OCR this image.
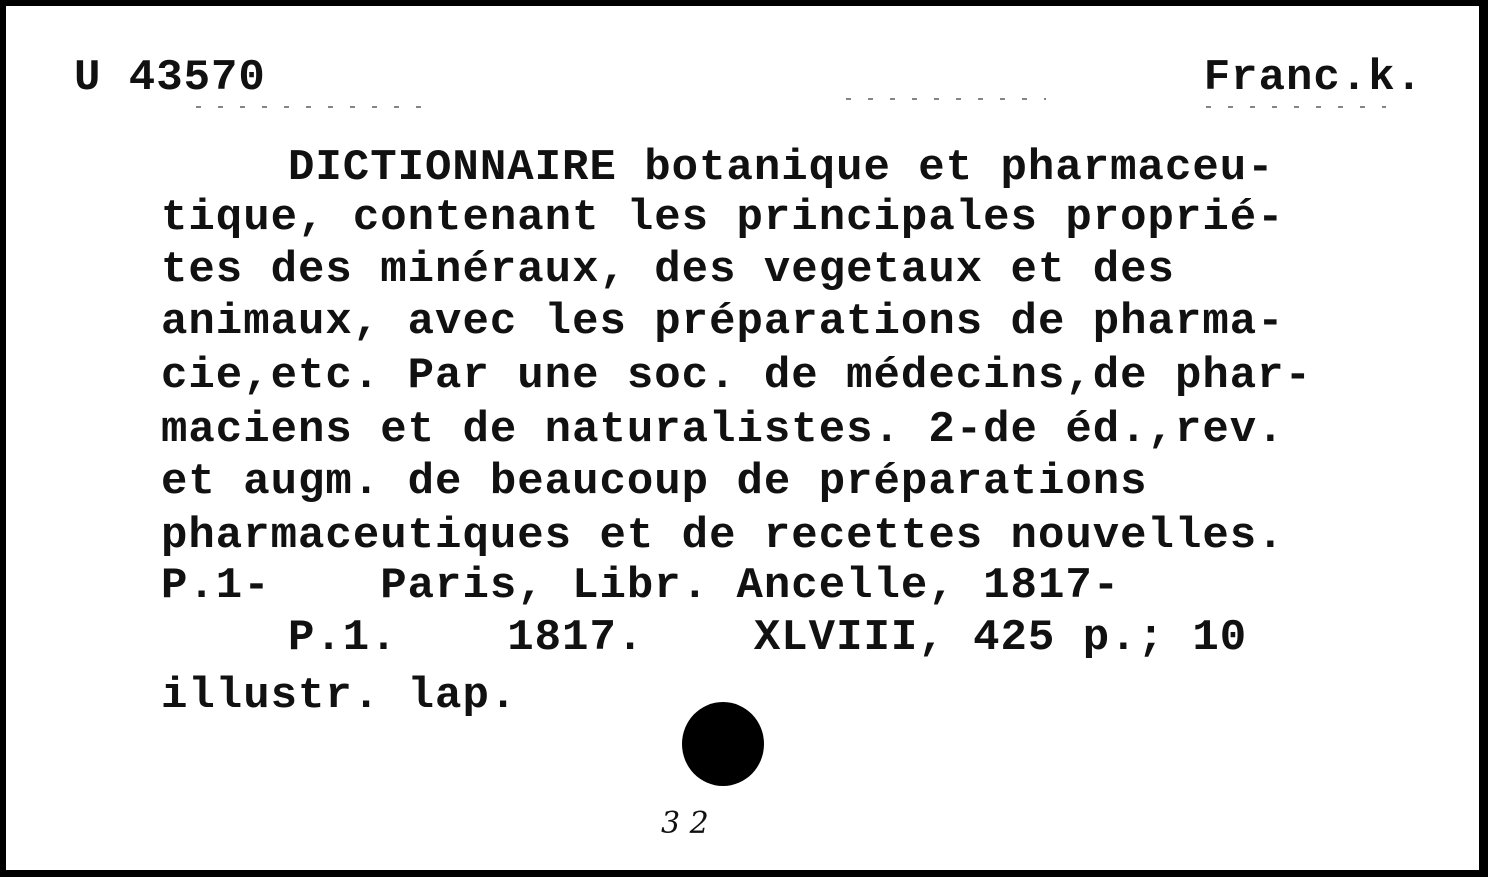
U 43570	Franc.k.
DICTIONNAIRE botanique et pharmaceu-
tique, contenant les principales proprié-
tes des minéraux, des vegetaux et des
animaux, avec les préparations de pharma-
cie,etc. Par une soc. de médecins,de phar-
maciens et de naturalistes. 2-de éd.,rev.
et augm. de beaucoup de préparations
pharmaceutiques et de recettes nouvelles.
P.1-    Paris, Libr. Ancelle, 1817-
P.1.    1817.    XLVIII, 425 p.; 10
illustr. lap.
3 2
